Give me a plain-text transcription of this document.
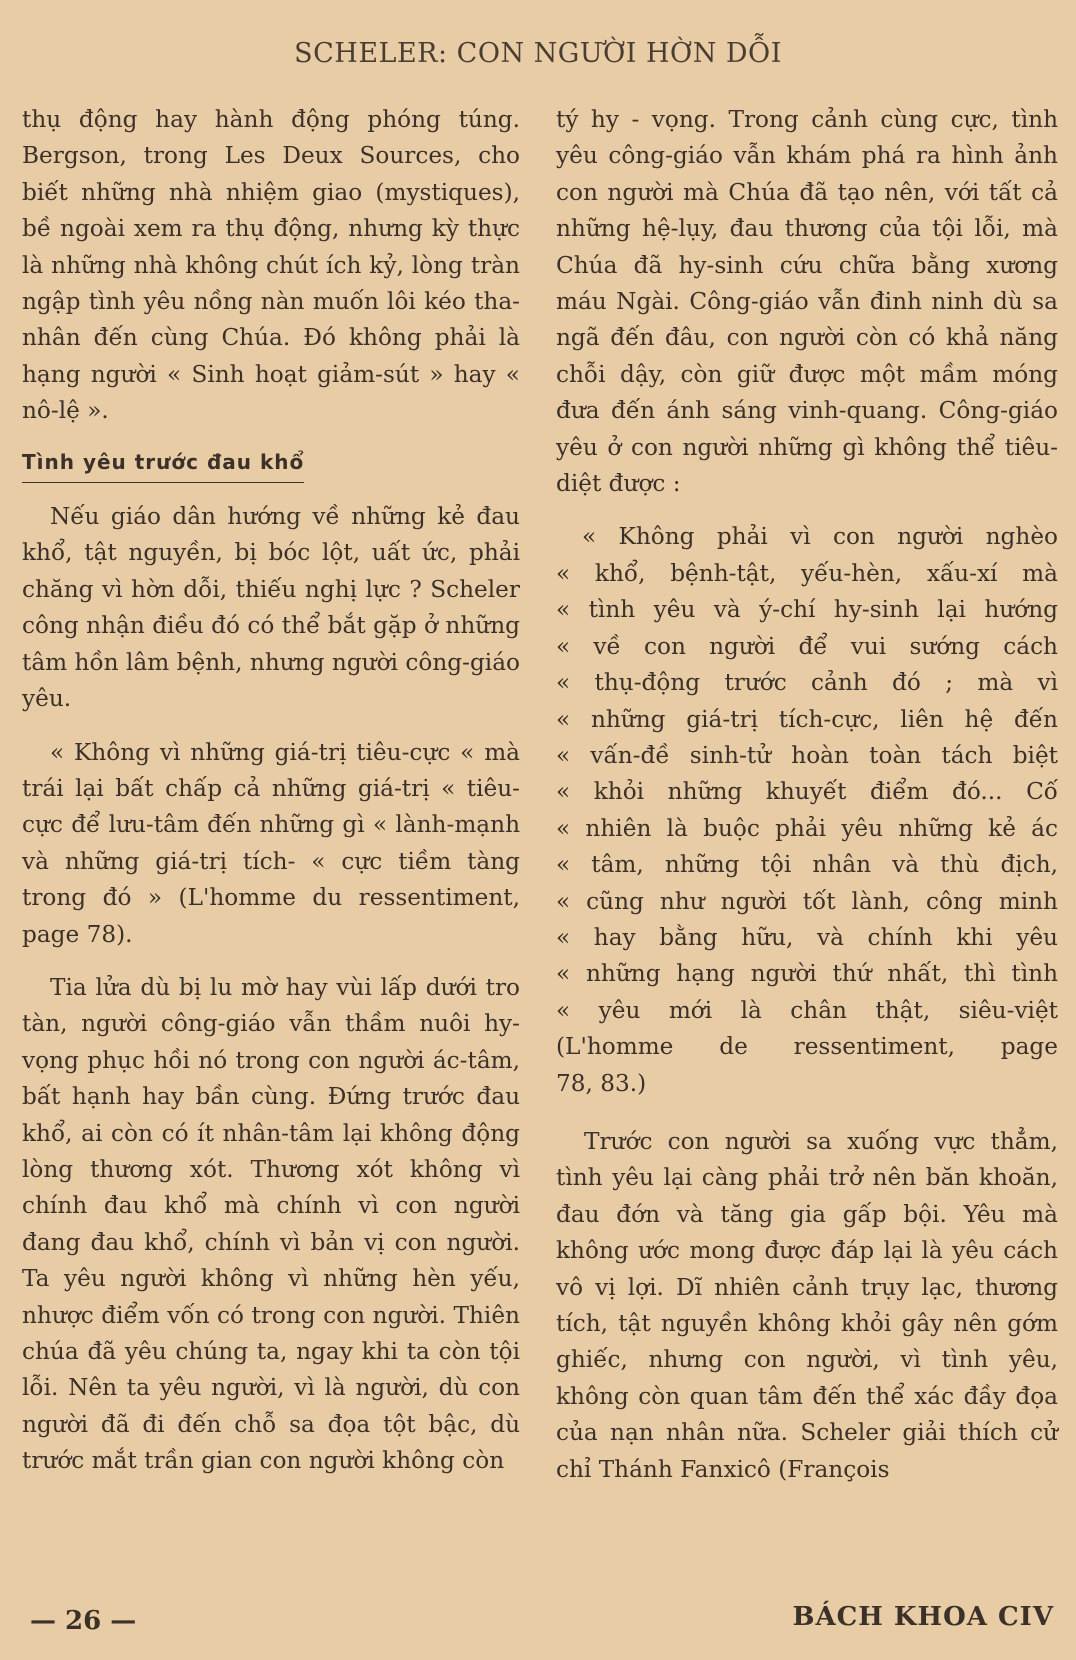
SCHELER: CON NGƯỜI HỜN DỖI

thụ động hay hành động phóng túng. Bergson, trong Les Deux Sources, cho biết những nhà nhiệm giao (mystiques), bề ngoài xem ra thụ động, nhưng kỳ thực là những nhà không chút ích kỷ, lòng tràn ngập tình yêu nồng nàn muốn lôi kéo tha-nhân đến cùng Chúa. Đó không phải là hạng người « Sinh hoạt giảm-sút » hay « nô-lệ ».

Tình yêu trước đau khổ

Nếu giáo dân hướng về những kẻ đau khổ, tật nguyền, bị bóc lột, uất ức, phải chăng vì hờn dỗi, thiếu nghị lực ? Scheler công nhận điều đó có thể bắt gặp ở những tâm hồn lâm bệnh, nhưng người công-giáo yêu.

« Không vì những giá-trị tiêu-cực « mà trái lại bất chấp cả những giá-trị « tiêu-cực để lưu-tâm đến những gì « lành-mạnh và những giá-trị tích- « cực tiềm tàng trong đó » (L'homme du ressentiment, page 78).

Tia lửa dù bị lu mờ hay vùi lấp dưới tro tàn, người công-giáo vẫn thầm nuôi hy-vọng phục hồi nó trong con người ác-tâm, bất hạnh hay bần cùng. Đứng trước đau khổ, ai còn có ít nhân-tâm lại không động lòng thương xót. Thương xót không vì chính đau khổ mà chính vì con người đang đau khổ, chính vì bản vị con người. Ta yêu người không vì những hèn yếu, nhược điểm vốn có trong con người. Thiên chúa đã yêu chúng ta, ngay khi ta còn tội lỗi. Nên ta yêu người, vì là người, dù con người đã đi đến chỗ sa đọa tột bậc, dù trước mắt trần gian con người không còn

tý hy - vọng. Trong cảnh cùng cực, tình yêu công-giáo vẫn khám phá ra hình ảnh con người mà Chúa đã tạo nên, với tất cả những hệ-lụy, đau thương của tội lỗi, mà Chúa đã hy-sinh cứu chữa bằng xương máu Ngài. Công-giáo vẫn đinh ninh dù sa ngã đến đâu, con người còn có khả năng chỗi dậy, còn giữ được một mầm móng đưa đến ánh sáng vinh-quang. Công-giáo yêu ở con người những gì không thể tiêu-diệt được :

« Không phải vì con người nghèo
« khổ, bệnh-tật, yếu-hèn, xấu-xí mà
« tình yêu và ý-chí hy-sinh lại hướng
« về con người để vui sướng cách
« thụ-động trước cảnh đó ; mà vì
« những giá-trị tích-cực, liên hệ đến
« vấn-đề sinh-tử hoàn toàn tách biệt
« khỏi những khuyết điểm đó... Cố
« nhiên là buộc phải yêu những kẻ ác
« tâm, những tội nhân và thù địch,
« cũng như người tốt lành, công minh
« hay bằng hữu, và chính khi yêu
« những hạng người thứ nhất, thì tình
« yêu mới là chân thật, siêu-việt
(L'homme de ressentiment, page
78, 83.)

Trước con người sa xuống vực thẳm, tình yêu lại càng phải trở nên băn khoăn, đau đớn và tăng gia gấp bội. Yêu mà không ước mong được đáp lại là yêu cách vô vị lợi. Dĩ nhiên cảnh trụy lạc, thương tích, tật nguyền không khỏi gây nên gớm ghiếc, nhưng con người, vì tình yêu, không còn quan tâm đến thể xác đầy đọa của nạn nhân nữa. Scheler giải thích cử chỉ Thánh Fanxicô (François

— 26 —	BÁCH KHOA CIV
